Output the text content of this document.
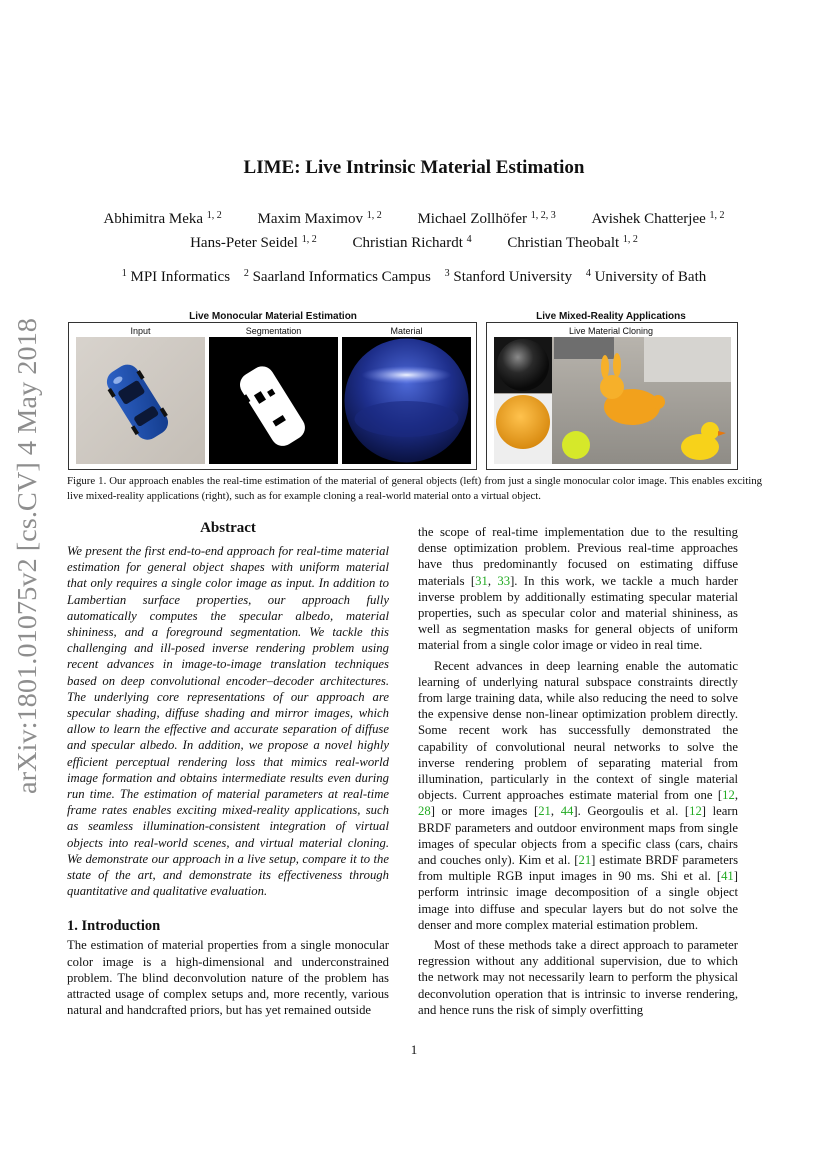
arXiv:1801.01075v2 [cs.CV] 4 May 2018
LIME: Live Intrinsic Material Estimation
Abhimitra Meka $^{1, 2}$ Maxim Maximov $^{1, 2}$ Michael Zollhöfer $^{1, 2, 3}$ Avishek Chatterjee $^{1, 2}$
Hans-Peter Seidel $^{1, 2}$ Christian Richardt $^4$ Christian Theobalt $^{1, 2}$
$^1$ MPI Informatics $^2$ Saarland Informatics Campus $^3$ Stanford University $^4$ University of Bath
Live Monocular Material Estimation	Live Mixed-Reality Applications
Input	Segmentation	Material	Live Material Cloning
Figure 1. Our approach enables the real-time estimation of the material of general objects (left) from just a single monocular color image. This enables exciting live mixed-reality applications (right), such as for example cloning a real-world material onto a virtual object.
Abstract

We present the first end-to-end approach for real-time material estimation for general object shapes with uniform material that only requires a single color image as input. In addition to Lambertian surface properties, our approach fully automatically computes the specular albedo, material shininess, and a foreground segmentation. We tackle this challenging and ill-posed inverse rendering problem using recent advances in image-to-image translation techniques based on deep convolutional encoder–decoder architectures. The underlying core representations of our approach are specular shading, diffuse shading and mirror images, which allow to learn the effective and accurate separation of diffuse and specular albedo. In addition, we propose a novel highly efficient perceptual rendering loss that mimics real-world image formation and obtains intermediate results even during run time. The estimation of material parameters at real-time frame rates enables exciting mixed-reality applications, such as seamless illumination-consistent integration of virtual objects into real-world scenes, and virtual material cloning. We demonstrate our approach in a live setup, compare it to the state of the art, and demonstrate its effectiveness through quantitative and qualitative evaluation.

1. Introduction

The estimation of material properties from a single monocular color image is a high-dimensional and underconstrained problem. The blind deconvolution nature of the problem has attracted usage of complex setups and, more recently, various natural and handcrafted priors, but has yet remained outside

the scope of real-time implementation due to the resulting dense optimization problem. Previous real-time approaches have thus predominantly focused on estimating diffuse materials [31, 33]. In this work, we tackle a much harder inverse problem by additionally estimating specular material properties, such as specular color and material shininess, as well as segmentation masks for general objects of uniform material from a single color image or video in real time.

Recent advances in deep learning enable the automatic learning of underlying natural subspace constraints directly from large training data, while also reducing the need to solve the expensive dense non-linear optimization problem directly. Some recent work has successfully demonstrated the capability of convolutional neural networks to solve the inverse rendering problem of separating material from illumination, particularly in the context of single material objects. Current approaches estimate material from one [12, 28] or more images [21, 44]. Georgoulis et al. [12] learn BRDF parameters and outdoor environment maps from single images of specular objects from a specific class (cars, chairs and couches only). Kim et al. [21] estimate BRDF parameters from multiple RGB input images in 90 ms. Shi et al. [41] perform intrinsic image decomposition of a single object image into diffuse and specular layers but do not solve the denser and more complex material estimation problem.

Most of these methods take a direct approach to parameter regression without any additional supervision, due to which the network may not necessarily learn to perform the physical deconvolution operation that is intrinsic to inverse rendering, and hence runs the risk of simply overfitting

1
